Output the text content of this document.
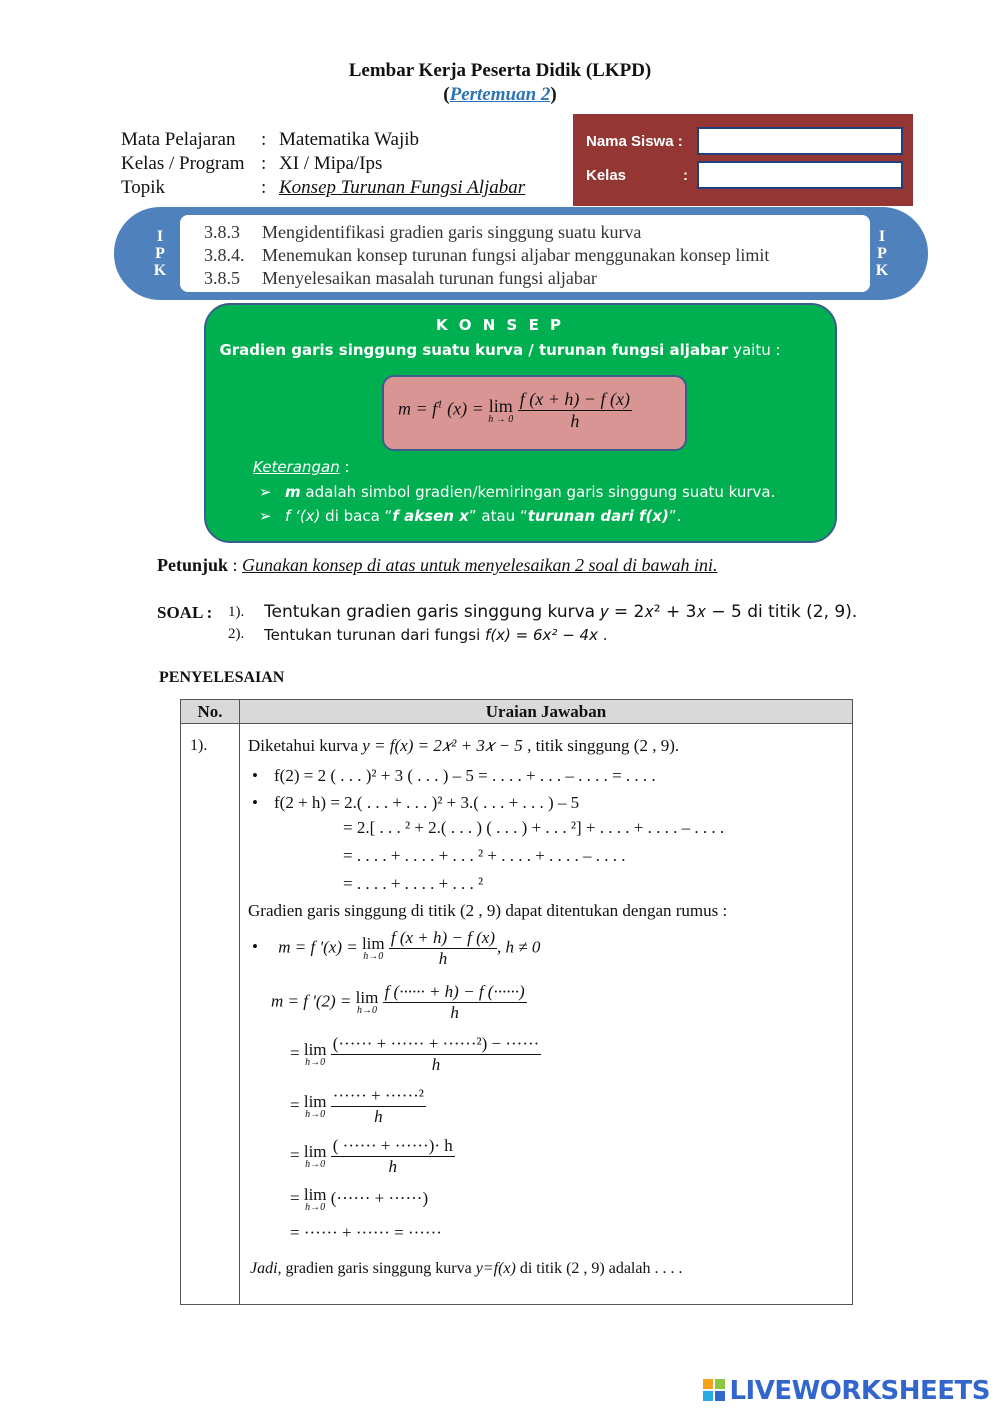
Lembar Kerja Peserta Didik (LKPD)
(Pertemuan 2)
Mata Pelajaran : Matematika Wajib
Kelas / Program : XI / Mipa/Ips
Topik	: Konsep Turunan Fungsi Aljabar
Nama Siswa :
Kelas	:
I
P
K
I
P
K
3.8.3 Mengidentifikasi gradien garis singgung suatu kurva
3.8.4. Menemukan konsep turunan fungsi aljabar menggunakan konsep limit
3.8.5 Menyelesaikan masalah turunan fungsi aljabar
K O N S E P
Gradien garis singgung suatu kurva / turunan fungsi aljabar yaitu :
$m = f^1$ (x) = lim
h → 0
$\frac{f (x + h) - f (x)}{h}$
Keterangan :
➢ m adalah simbol gradien/kemiringan garis singgung suatu kurva.
➢ f ‘(x) di baca “f aksen x” atau “turunan dari f(x)”.
Petunjuk : Gunakan konsep di atas untuk menyelesaikan 2 soal di bawah ini.
SOAL : 1). Tentukan gradien garis singgung kurva 𝑦 = 2𝑥² + 3𝑥 − 5 di titik (2, 9).
2). Tentukan turunan dari fungsi f(x) = 6x² − 4x .
PENYELESAIAN
No.	Uraian Jawaban

1). Diketahui kurva y = f(x) = 2𝑥² + 3𝑥 − 5 , titik singgung (2 , 9).
• f(2) = 2 ( . . . )² + 3 ( . . . ) – 5 = . . . . + . . . – . . . . = . . . .
• f(2 + h) = 2.( . . . + . . . )² + 3.( . . . + . . . ) – 5
= 2.[ . . . ² + 2.( . . . ) ( . . . ) + . . . ²] + . . . . + . . . . – . . . .
= . . . . + . . . . + . . . ² + . . . . + . . . . – . . . .
= . . . . + . . . . + . . . ²
Gradien garis singgung di titik (2 , 9) dapat ditentukan dengan rumus :
• m = f '(x) = lim
h→0
$\frac{f (x + h) - f (x)}{h}$ , h ≠ 0
m = f '(2) = lim
h→0
$\frac{f (\cdot\cdot\cdot\cdot\cdot\cdot + h) - f (\cdot\cdot\cdot\cdot\cdot\cdot)}{h}$
= lim
h→0
$\frac{\text{(······ + ······ + ······²) − ······}}{h}$
= lim
h→0
$\frac{\text{······ + ······²}}{h}$
= lim
h→0
$\frac{( \cdot\cdot\cdot\cdot\cdot\cdot + \cdot\cdot\cdot\cdot\cdot\cdot)\cdot h}{h}$
= lim
h→0
(······ + ······)
= ······ + ······ = ······
Jadi, gradien garis singgung kurva y=f(x) di titik (2 , 9) adalah . . . .
LIVEWORKSHEETS
